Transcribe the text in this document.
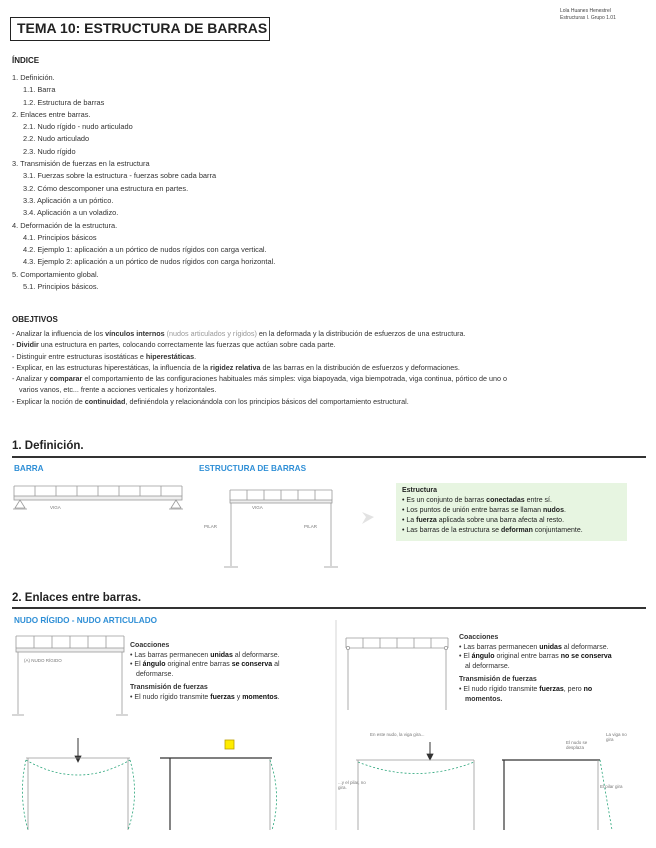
TEMA 10: ESTRUCTURA DE BARRAS
Lola Huanes Henestrel
Estructuras I. Grupo 1.01
ÍNDICE
1. Definición.
1.1. Barra
1.2. Estructura de barras
2. Enlaces entre barras.
2.1. Nudo rígido - nudo articulado
2.2. Nudo articulado
2.3. Nudo rígido
3. Transmisión de fuerzas en la estructura
3.1. Fuerzas sobre la estructura - fuerzas sobre cada barra
3.2. Cómo descomponer una estructura en partes.
3.3. Aplicación a un pórtico.
3.4. Aplicación a un voladizo.
4. Deformación de la estructura.
4.1. Principios básicos
4.2. Ejemplo 1: aplicación a un pórtico de nudos rígidos con carga vertical.
4.3. Ejemplo 2: aplicación a un pórtico de nudos rígidos con carga horizontal.
5. Comportamiento global.
5.1. Principios básicos.
OBEJTIVOS
- Analizar la influencia de los vínculos internos (nudos articulados y rígidos) en la deformada y la distribución de esfuerzos de una estructura.
- Dividir una estructura en partes, colocando correctamente las fuerzas que actúan sobre cada parte.
- Distinguir entre estructuras isostáticas e hiperestáticas.
- Explicar, en las estructuras hiperestáticas, la influencia de la rigidez relativa de las barras en la distribución de esfuerzos y deformaciones.
- Analizar y comparar el comportamiento de las configuraciones habituales más simples: viga biapoyada, viga biempotrada, viga continua, pórtico de uno o
varios vanos, etc... frente a acciones verticales y horizontales.
- Explicar la noción de continuidad, definiéndola y relacionándola con los principios básicos del comportamiento estructural.
1. Definición.
BARRA	ESTRUCTURA DE BARRAS
VIGA	VIGA
PILAR	PILAR
Estructura
• Es un conjunto de barras conectadas entre sí.
• Los puntos de unión entre barras se llaman nudos.
• La fuerza aplicada sobre una barra afecta al resto.
• Las barras de la estructura se deforman conjuntamente.
2. Enlaces entre barras.
NUDO RÍGIDO - NUDO ARTICULADO
(A) NUDO RÍGIDO
Coacciones
• Las barras permanecen unidas al deformarse.
• El ángulo original entre barras se conserva al
deformarse.
Transmisión de fuerzas
• El nudo rígido transmite fuerzas y momentos.
Coacciones
• Las barras permanecen unidas al deformarse.
• El ángulo original entre barras no se conserva
al deformarse.
Transmisión de fuerzas
• El nudo rígido transmite fuerzas, pero no
momentos.
En este nudo, la viga gira...
...y el pilar, no gira.
El nudo se desplaza
La viga no gira
El pilar gira
